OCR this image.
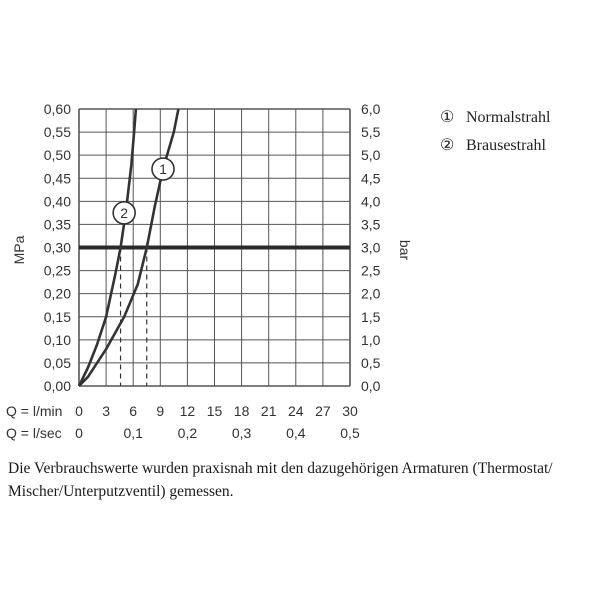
1
2
0,00
0,05
0,10
0,15
0,20
0,25
0,30
0,35
0,40
0,45
0,50
0,55
0,60
0,0
0,5
1,0
1,5
2,0
2,5
3,0
3,5
4,0
4,5
5,0
5,5
6,0
0 3 6 9 12 15 18 21 24 27 30
0	0,1 0,2 0,3 0,4 0,5
MPa	bar
Q = l/min
Q = l/sec
① Normalstrahl
② Brausestrahl

Die Verbrauchswerte wurden praxisnah mit den dazugehörigen Armaturen (Thermostat/ Mischer/Unterputzventil) gemessen.
